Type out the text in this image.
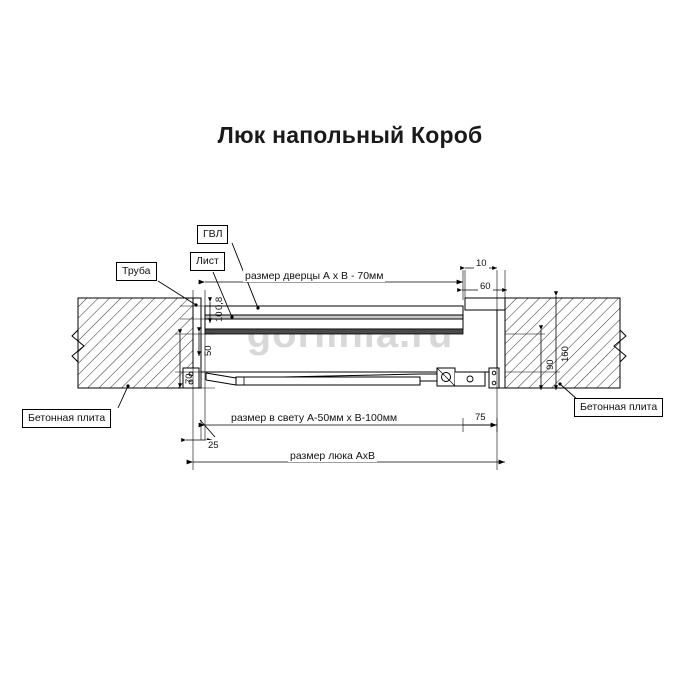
Люк напольный Короб
Труба
Лист
ГВЛ
Бетонная плита
Бетонная плита
размер дверцы А х В - 70мм
размер в свету А-50мм х В-100мм
размер люка АхВ
10
60
10
0,8
50
70
25
75
90
160
